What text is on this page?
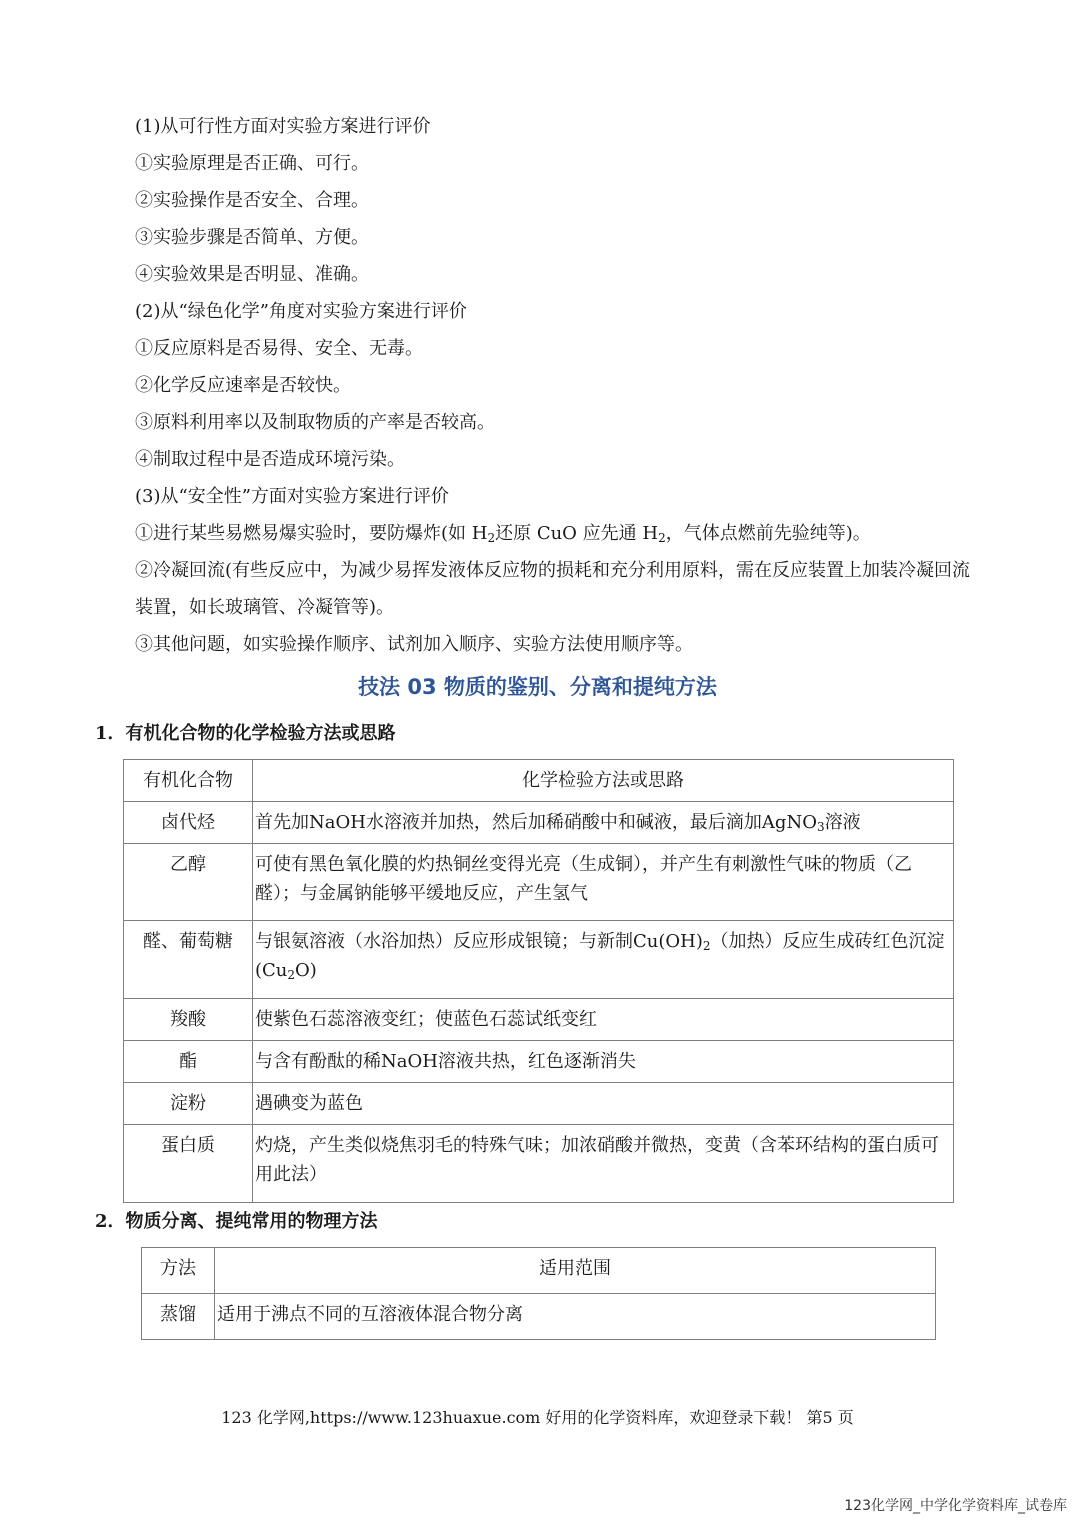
(1)从可行性方面对实验方案进行评价
①实验原理是否正确、可行。
②实验操作是否安全、合理。
③实验步骤是否简单、方便。
④实验效果是否明显、准确。
(2)从“绿色化学”角度对实验方案进行评价
①反应原料是否易得、安全、无毒。
②化学反应速率是否较快。
③原料利用率以及制取物质的产率是否较高。
④制取过程中是否造成环境污染。
(3)从“安全性”方面对实验方案进行评价
①进行某些易燃易爆实验时，要防爆炸(如 $H_2$还原 CuO 应先通 $H_2$，气体点燃前先验纯等)。
②冷凝回流(有些反应中，为减少易挥发液体反应物的损耗和充分利用原料，需在反应装置上加装冷凝回流装置，如长玻璃管、冷凝管等)。
③其他问题，如实验操作顺序、试剂加入顺序、实验方法使用顺序等。
技法 03 物质的鉴别、分离和提纯方法
1．有机化合物的化学检验方法或思路
有机化合物	化学检验方法或思路
卤代烃	首先加NaOH水溶液并加热，然后加稀硝酸中和碱液，最后滴加AgNO$_3$溶液
乙醇	可使有黑色氧化膜的灼热铜丝变得光亮（生成铜），并产生有刺激性气味的物质（乙醛）；与金属钠能够平缓地反应，产生氢气
醛、葡萄糖	与银氨溶液（水浴加热）反应形成银镜；与新制$Cu(OH)_2$（加热）反应生成砖红色沉淀$(Cu_2O)$
羧酸	使紫色石蕊溶液变红；使蓝色石蕊试纸变红
酯	与含有酚酞的稀NaOH溶液共热，红色逐渐消失
淀粉	遇碘变为蓝色
蛋白质	灼烧，产生类似烧焦羽毛的特殊气味；加浓硝酸并微热，变黄（含苯环结构的蛋白质可用此法）
2．物质分离、提纯常用的物理方法
方法	适用范围
蒸馏	适用于沸点不同的互溶液体混合物分离
123 化学网,https://www.123huaxue.com 好用的化学资料库，欢迎登录下载！ 第5 页
123化学网_中学化学资料库_试卷库
